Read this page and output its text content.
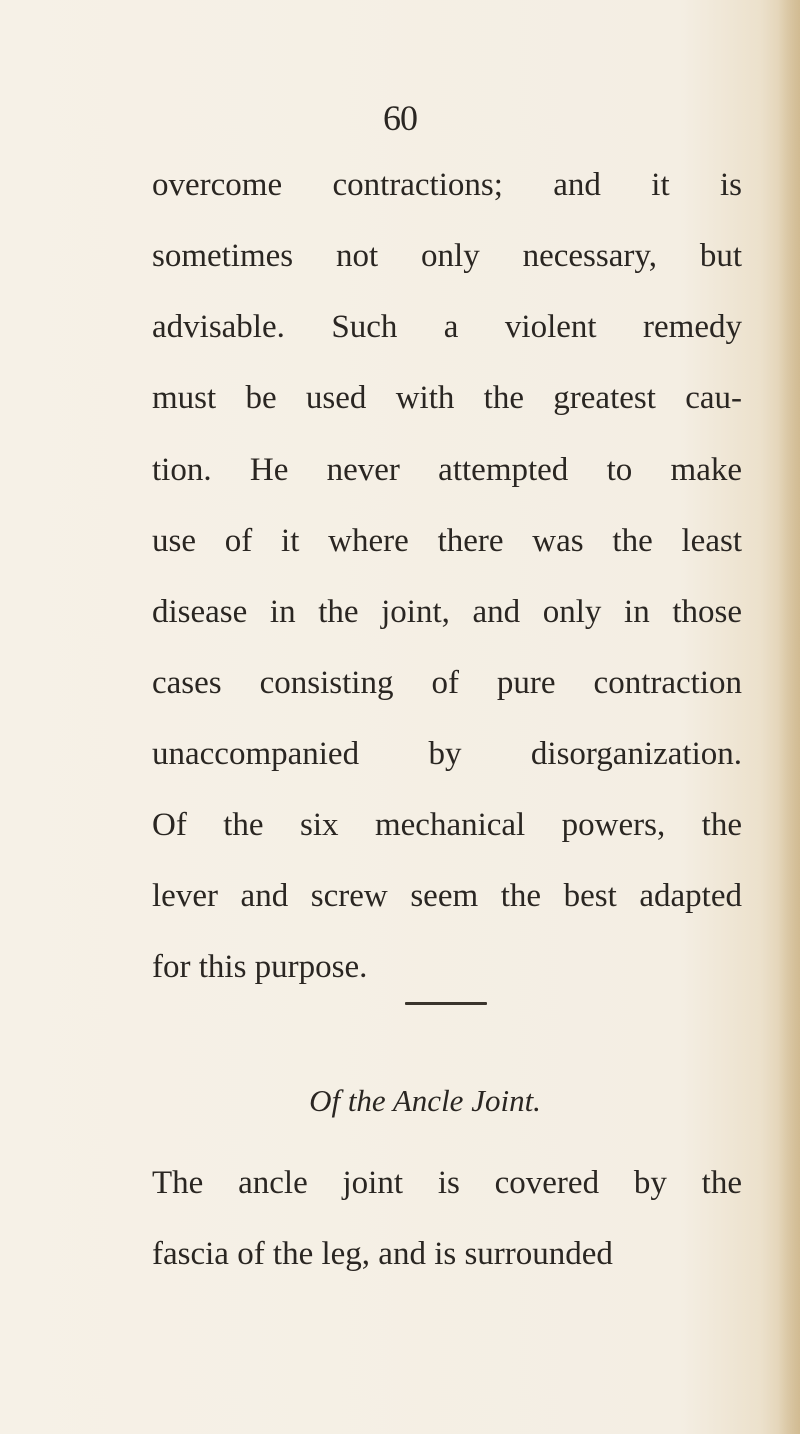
60
overcome contractions; and it is
sometimes not only necessary, but
advisable. Such a violent remedy
must be used with the greatest cau-
tion. He never attempted to make
use of it where there was the least
disease in the joint, and only in those
cases consisting of pure contraction
unaccompanied by disorganization.
Of the six mechanical powers, the
lever and screw seem the best adapted
for this purpose.
Of the Ancle Joint.
The ancle joint is covered by the
fascia of the leg, and is surrounded
